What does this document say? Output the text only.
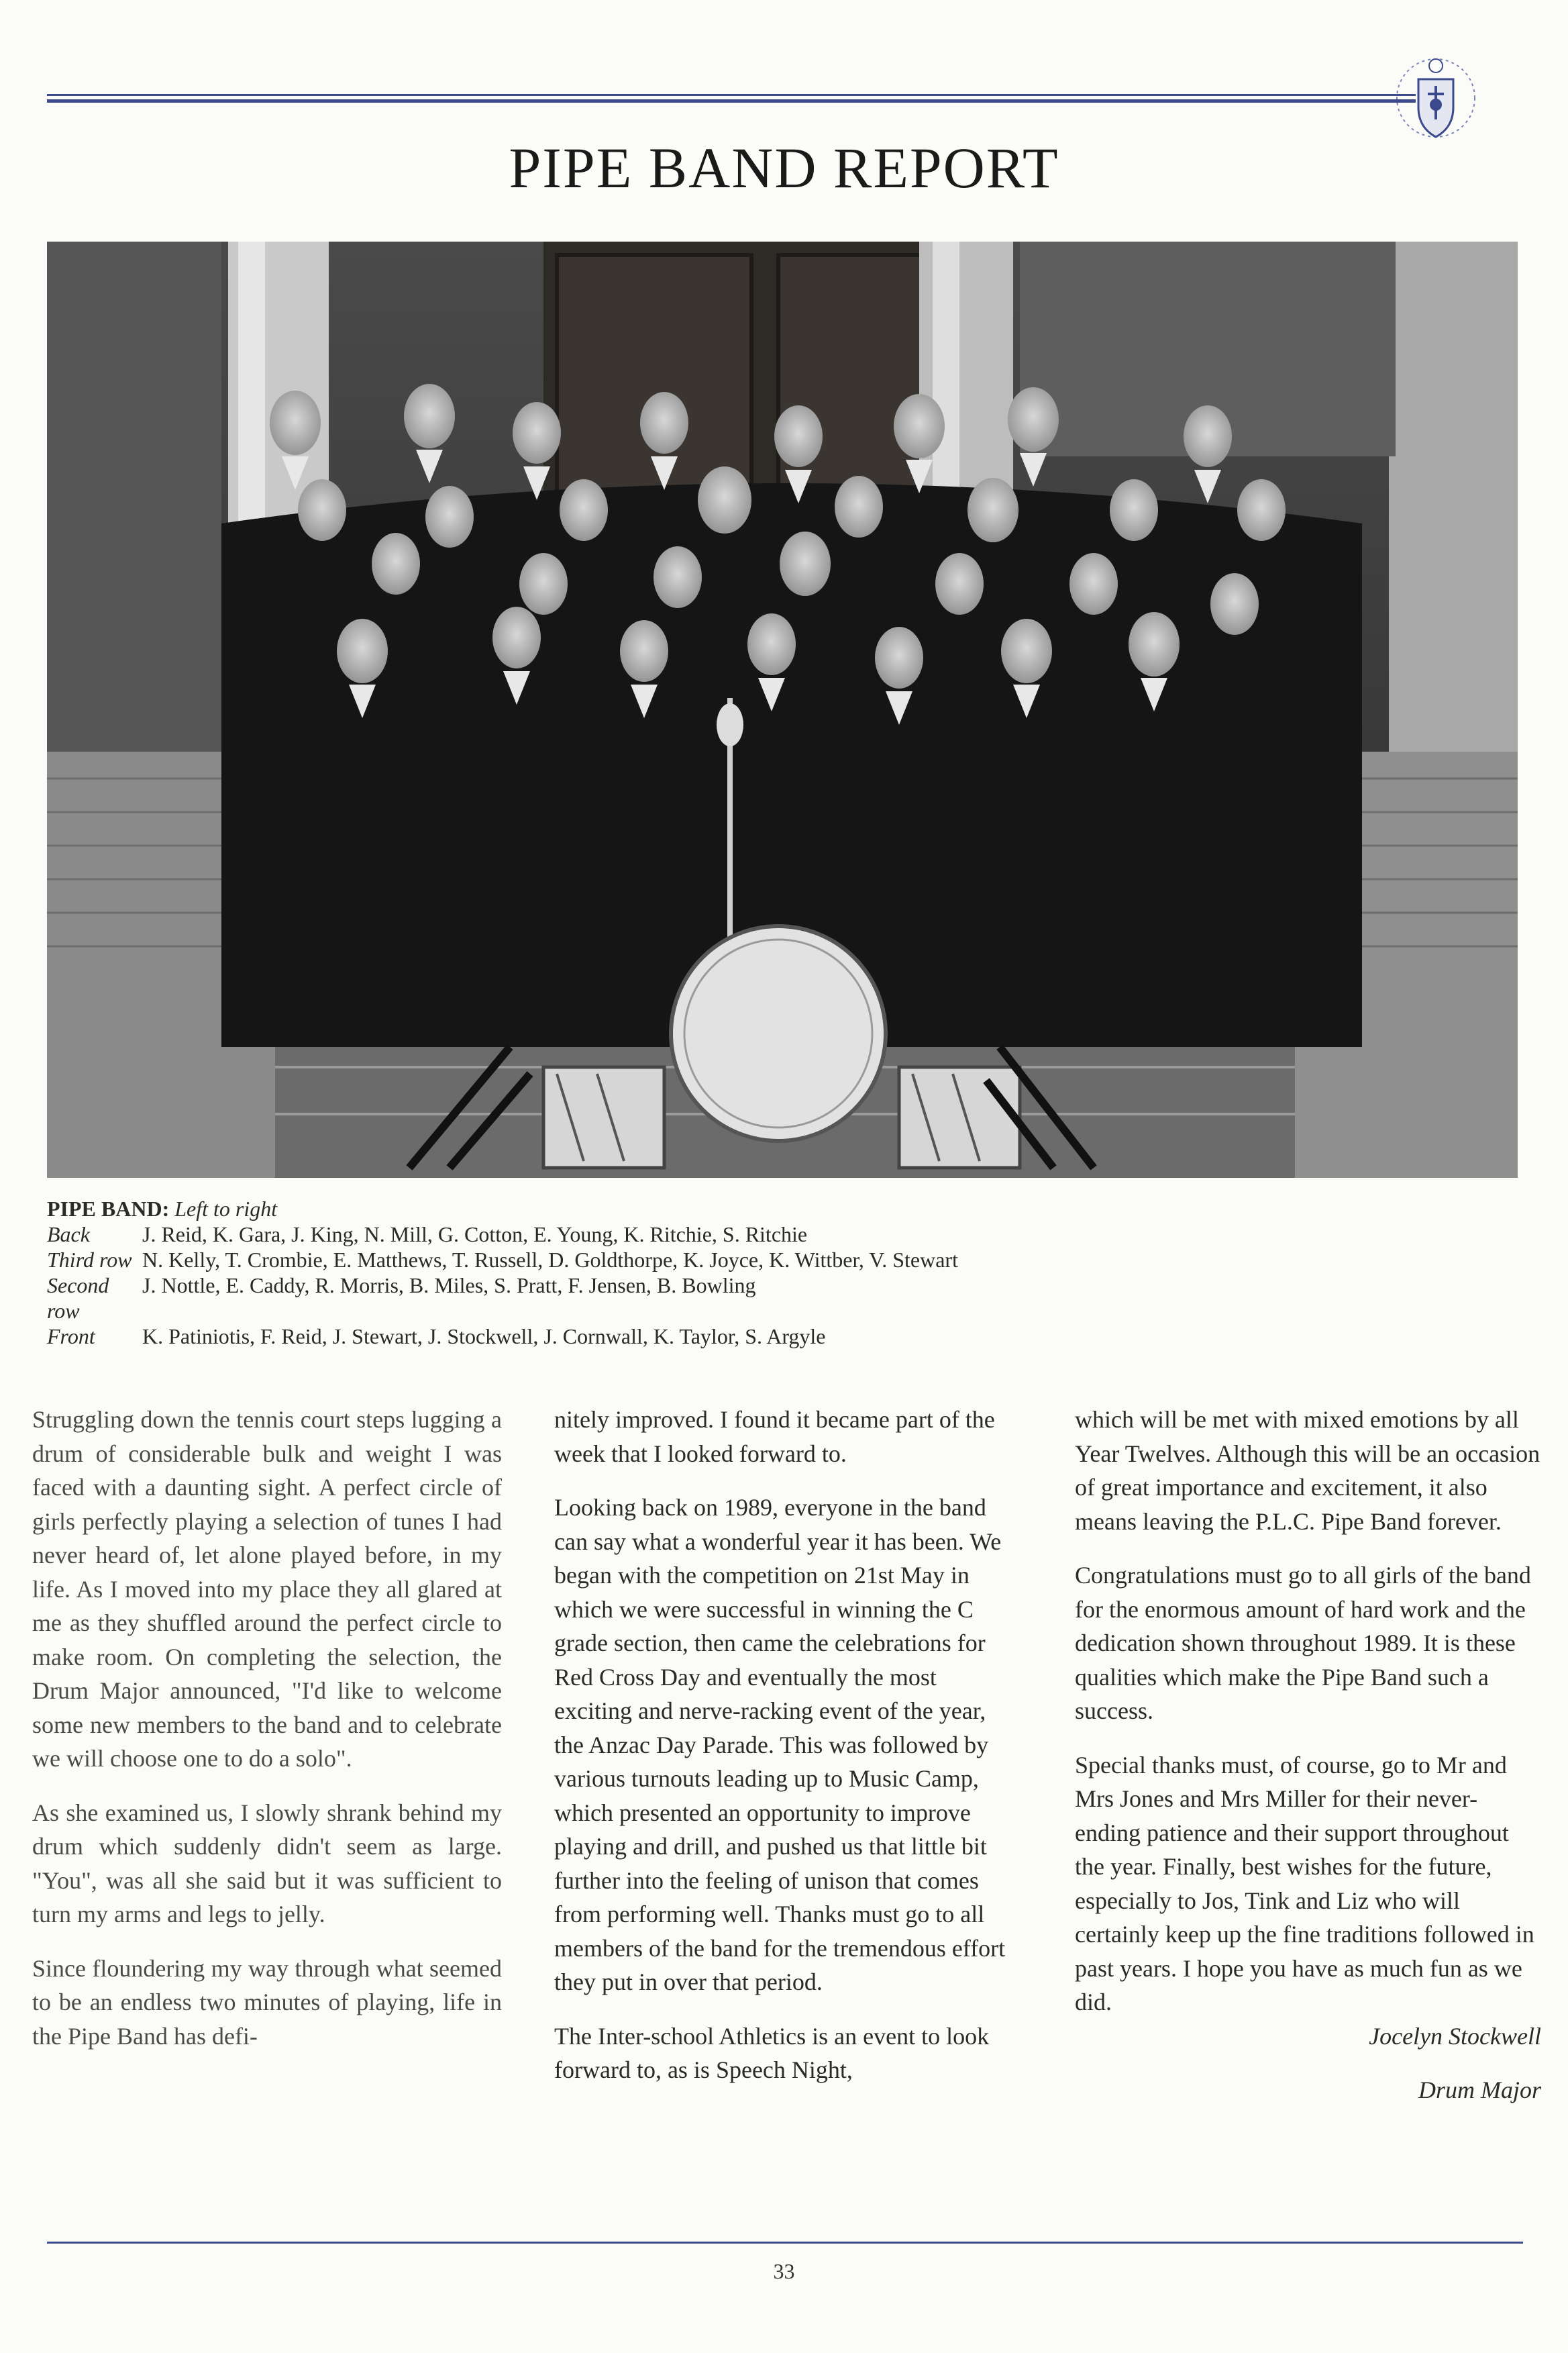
PIPE BAND REPORT
PIPE BAND:
Left to right
Back	J. Reid, K. Gara, J. King, N. Mill, G. Cotton, E. Young, K. Ritchie, S. Ritchie
Third row N. Kelly, T. Crombie, E. Matthews, T. Russell, D. Goldthorpe, K. Joyce, K. Wittber, V. Stewart
Second row
J. Nottle, E. Caddy, R. Morris, B. Miles, S. Pratt, F. Jensen, B. Bowling
Front	K. Patiniotis, F. Reid, J. Stewart, J. Stockwell, J. Cornwall, K. Taylor, S. Argyle

Struggling down the tennis court steps lugging a drum of considerable bulk and weight I was faced with a daunting sight. A perfect circle of girls perfectly playing a selection of tunes I had never heard of, let alone played before, in my life. As I moved into my place they all glared at me as they shuffled around the perfect circle to make room. On completing the selection, the Drum Major announced, "I'd like to welcome some new members to the band and to celebrate we will choose one to do a solo".

As she examined us, I slowly shrank behind my drum which suddenly didn't seem as large. "You", was all she said but it was sufficient to turn my arms and legs to jelly.

Since floundering my way through what seemed to be an endless two minutes of playing, life in the Pipe Band has defi-

nitely improved. I found it became part of the week that I looked forward to.

Looking back on 1989, everyone in the band can say what a wonderful year it has been. We began with the competition on 21st May in which we were successful in winning the C grade section, then came the celebrations for Red Cross Day and eventually the most exciting and nerve-racking event of the year, the Anzac Day Parade. This was followed by various turnouts leading up to Music Camp, which presented an opportunity to improve playing and drill, and pushed us that little bit further into the feeling of unison that comes from performing well. Thanks must go to all members of the band for the tremendous effort they put in over that period.

The Inter-school Athletics is an event to look forward to, as is Speech Night,

which will be met with mixed emotions by all Year Twelves. Although this will be an occasion of great importance and excitement, it also means leaving the P.L.C. Pipe Band forever.

Congratulations must go to all girls of the band for the enormous amount of hard work and the dedication shown throughout 1989. It is these qualities which make the Pipe Band such a success.

Special thanks must, of course, go to Mr and Mrs Jones and Mrs Miller for their never-ending patience and their support throughout the year. Finally, best wishes for the future, especially to Jos, Tink and Liz who will certainly keep up the fine traditions followed in past years. I hope you have as much fun as we did.

Jocelyn Stockwell

Drum Major

33
